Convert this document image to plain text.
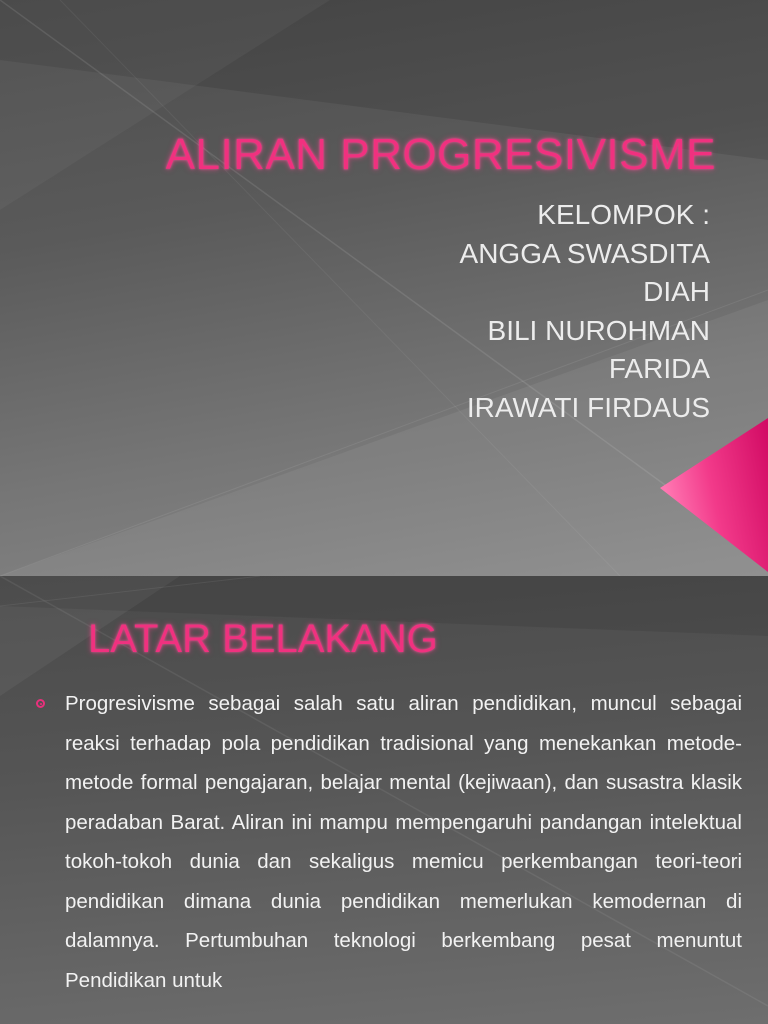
ALIRAN PROGRESIVISME
KELOMPOK :
ANGGA SWASDITA
DIAH
BILI NUROHMAN
FARIDA
IRAWATI FIRDAUS
LATAR BELAKANG

Progresivisme sebagai salah satu aliran pendidikan, muncul sebagai reaksi terhadap pola pendidikan tradisional yang menekankan metode-metode formal pengajaran, belajar mental (kejiwaan), dan susastra klasik peradaban Barat. Aliran ini mampu mempengaruhi pandangan intelektual tokoh-tokoh dunia dan sekaligus memicu perkembangan teori-teori pendidikan dimana dunia pendidikan memerlukan kemodernan di dalamnya. Pertumbuhan teknologi berkembang pesat menuntut Pendidikan untuk
